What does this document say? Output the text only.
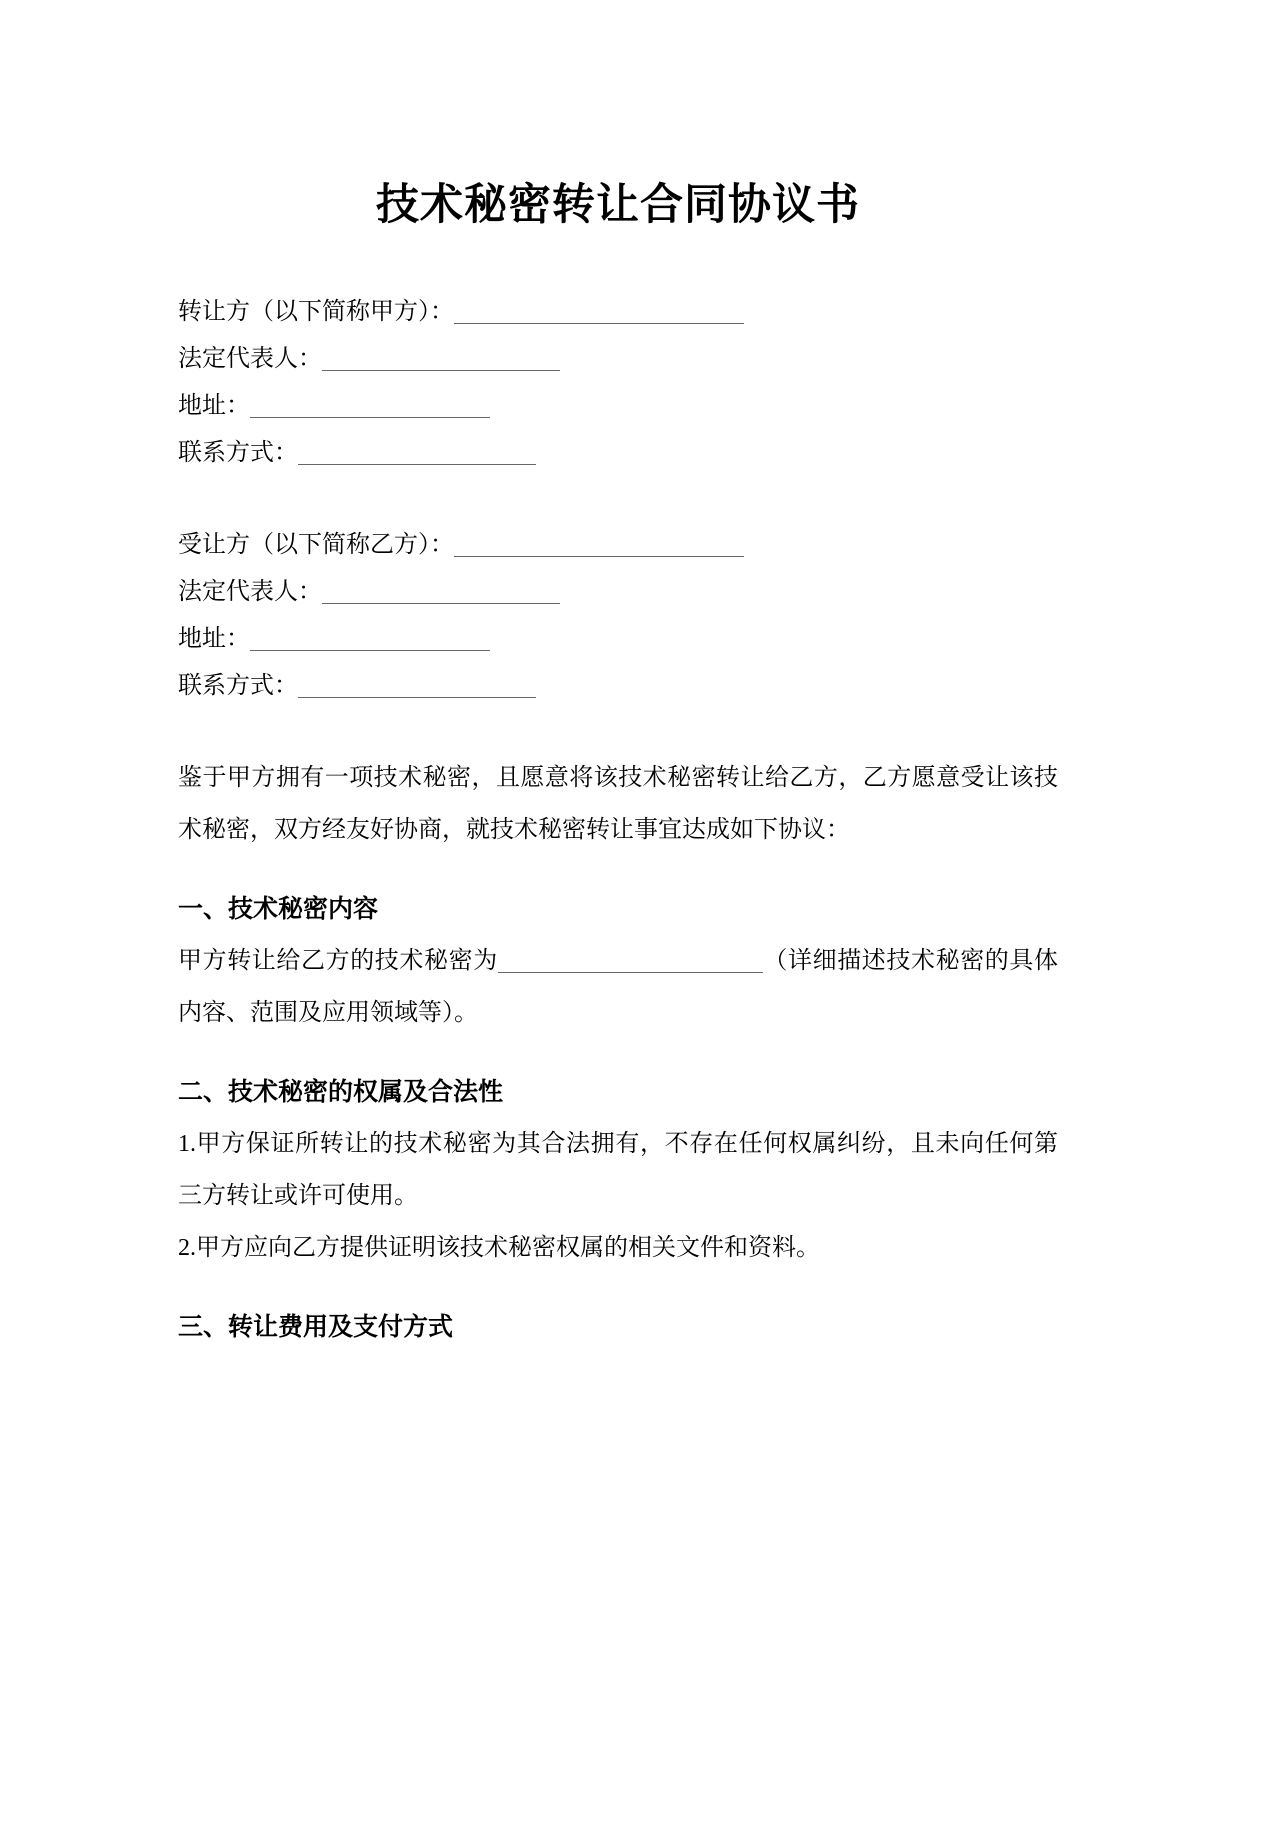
技术秘密转让合同协议书
转让方（以下简称甲方）：
法定代表人：
地址：
联系方式：
受让方（以下简称乙方）：
法定代表人：
地址：
联系方式：

鉴于甲方拥有一项技术秘密，且愿意将该技术秘密转让给乙方，乙方愿意受让该技术秘密，双方经友好协商，就技术秘密转让事宜达成如下协议：

一、技术秘密内容

甲方转让给乙方的技术秘密为	（详细描述技术秘密的具体内容、范围及应用领域等）。

二、技术秘密的权属及合法性

1.甲方保证所转让的技术秘密为其合法拥有，不存在任何权属纠纷，且未向任何第三方转让或许可使用。

2.甲方应向乙方提供证明该技术秘密权属的相关文件和资料。

三、转让费用及支付方式
